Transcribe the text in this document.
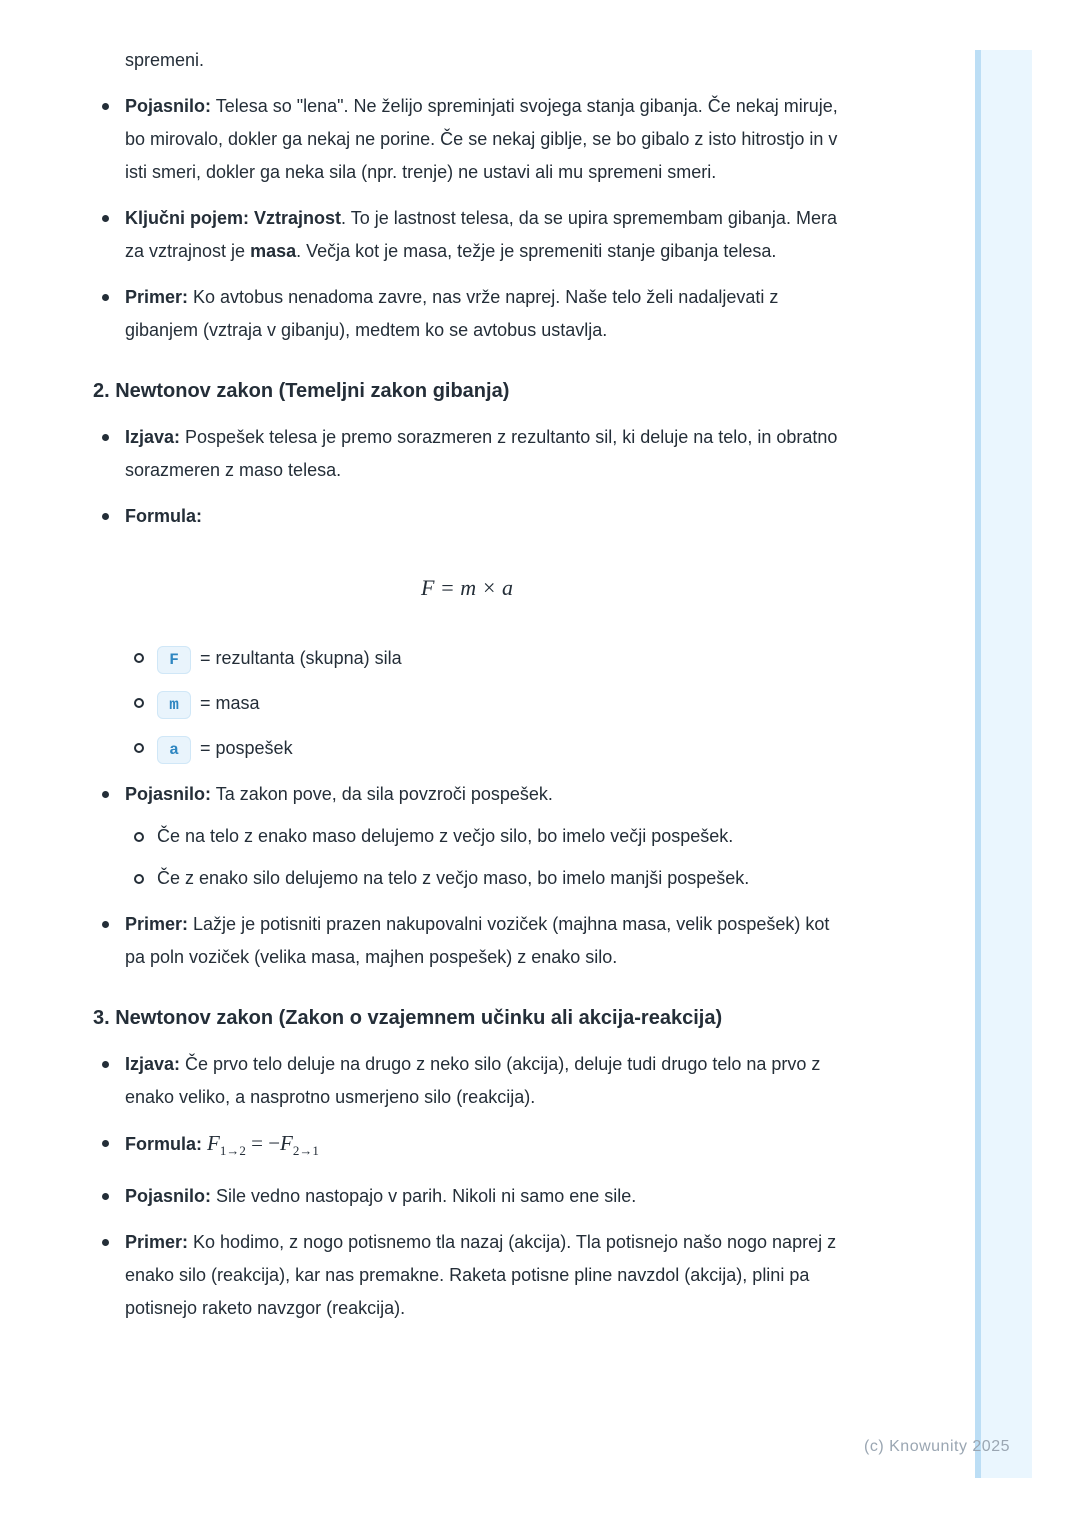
spremeni.

Pojasnilo: Telesa so "lena". Ne želijo spreminjati svojega stanja gibanja. Če nekaj miruje, bo mirovalo, dokler ga nekaj ne porine. Če se nekaj giblje, se bo gibalo z isto hitrostjo in v isti smeri, dokler ga neka sila (npr. trenje) ne ustavi ali mu spremeni smeri.
Ključni pojem: Vztrajnost. To je lastnost telesa, da se upira spremembam gibanja. Mera za vztrajnost je masa. Večja kot je masa, težje je spremeniti stanje gibanja telesa.
Primer: Ko avtobus nenadoma zavre, nas vrže naprej. Naše telo želi nadaljevati z gibanjem (vztraja v gibanju), medtem ko se avtobus ustavlja.
2. Newtonov zakon (Temeljni zakon gibanja)
Izjava: Pospešek telesa je premo sorazmeren z rezultanto sil, ki deluje na telo, in obratno sorazmeren z maso telesa.
Formula:
F = m × a
F = rezultanta (skupna) sila
m = masa
a = pospešek
Pojasnilo: Ta zakon pove, da sila povzroči pospešek.
Če na telo z enako maso delujemo z večjo silo, bo imelo večji pospešek.
Če z enako silo delujemo na telo z večjo maso, bo imelo manjši pospešek.
Primer: Lažje je potisniti prazen nakupovalni voziček (majhna masa, velik pospešek) kot pa poln voziček (velika masa, majhen pospešek) z enako silo.
3. Newtonov zakon (Zakon o vzajemnem učinku ali akcija-reakcija)
Izjava: Če prvo telo deluje na drugo z neko silo (akcija), deluje tudi drugo telo na prvo z enako veliko, a nasprotno usmerjeno silo (reakcija).
Formula: $F_{1\to 2} = -F_{2\to 1}$
Pojasnilo: Sile vedno nastopajo v parih. Nikoli ni samo ene sile.
Primer: Ko hodimo, z nogo potisnemo tla nazaj (akcija). Tla potisnejo našo nogo naprej z enako silo (reakcija), kar nas premakne. Raketa potisne pline navzdol (akcija), plini pa potisnejo raketo navzgor (reakcija).
(c) Knowunity 2025
